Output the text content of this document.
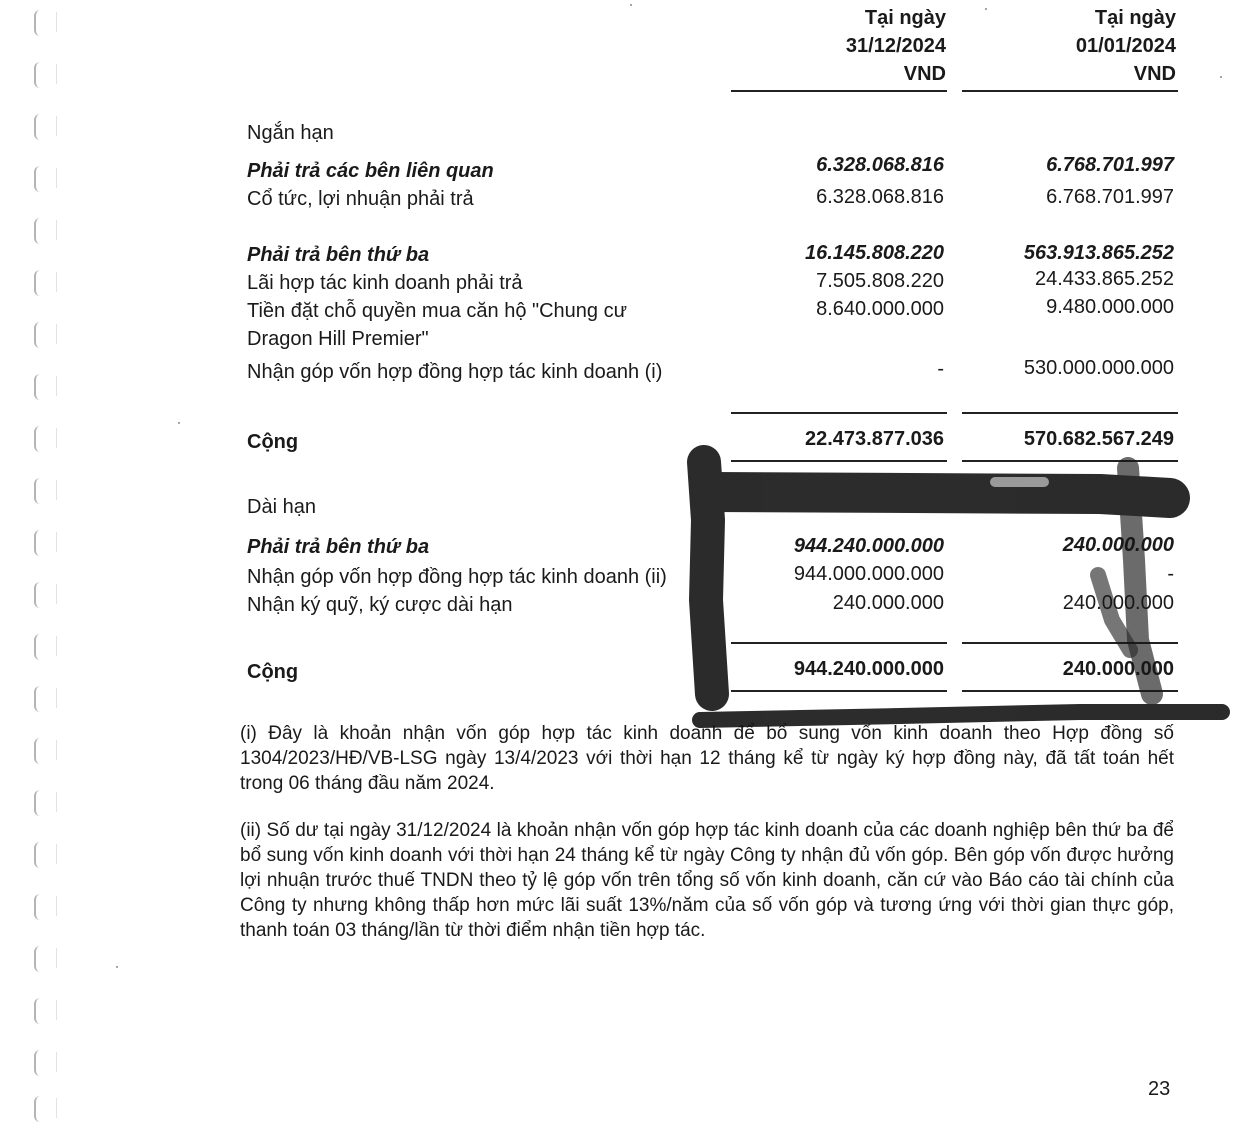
Tại ngày
31/12/2024
VND
Tại ngày
01/01/2024
VND
Ngắn hạn
Phải trả các bên liên quan	6.328.068.816	6.768.701.997
Cổ tức, lợi nhuận phải trả	6.328.068.816	6.768.701.997
Phải trả bên thứ ba	16.145.808.220	563.913.865.252
Lãi hợp tác kinh doanh phải trả	7.505.808.220	24.433.865.252
Tiền đặt chỗ quyền mua căn hộ "Chung cư
Dragon Hill Premier"
8.640.000.000	9.480.000.000
Nhận góp vốn hợp đồng hợp tác kinh doanh (i)	-	530.000.000.000
Cộng	22.473.877.036	570.682.567.249
Dài hạn
Phải trả bên thứ ba	944.240.000.000	240.000.000
Nhận góp vốn hợp đồng hợp tác kinh doanh (ii)	944.000.000.000	-
Nhận ký quỹ, ký cược dài hạn	240.000.000	240.000.000
Cộng	944.240.000.000	240.000.000

(i) Đây là khoản nhận vốn góp hợp tác kinh doanh để bổ sung vốn kinh doanh theo Hợp đồng số 1304/2023/HĐ/VB-LSG ngày 13/4/2023 với thời hạn 12 tháng kể từ ngày ký hợp đồng này, đã tất toán hết trong 06 tháng đầu năm 2024.

(ii) Số dư tại ngày 31/12/2024 là khoản nhận vốn góp hợp tác kinh doanh của các doanh nghiệp bên thứ ba để bổ sung vốn kinh doanh với thời hạn 24 tháng kể từ ngày Công ty nhận đủ vốn góp. Bên góp vốn được hưởng lợi nhuận trước thuế TNDN theo tỷ lệ góp vốn trên tổng số vốn kinh doanh, căn cứ vào Báo cáo tài chính của Công ty nhưng không thấp hơn mức lãi suất 13%/năm của số vốn góp và tương ứng với thời gian thực góp, thanh toán 03 tháng/lần từ thời điểm nhận tiền hợp tác.

23
